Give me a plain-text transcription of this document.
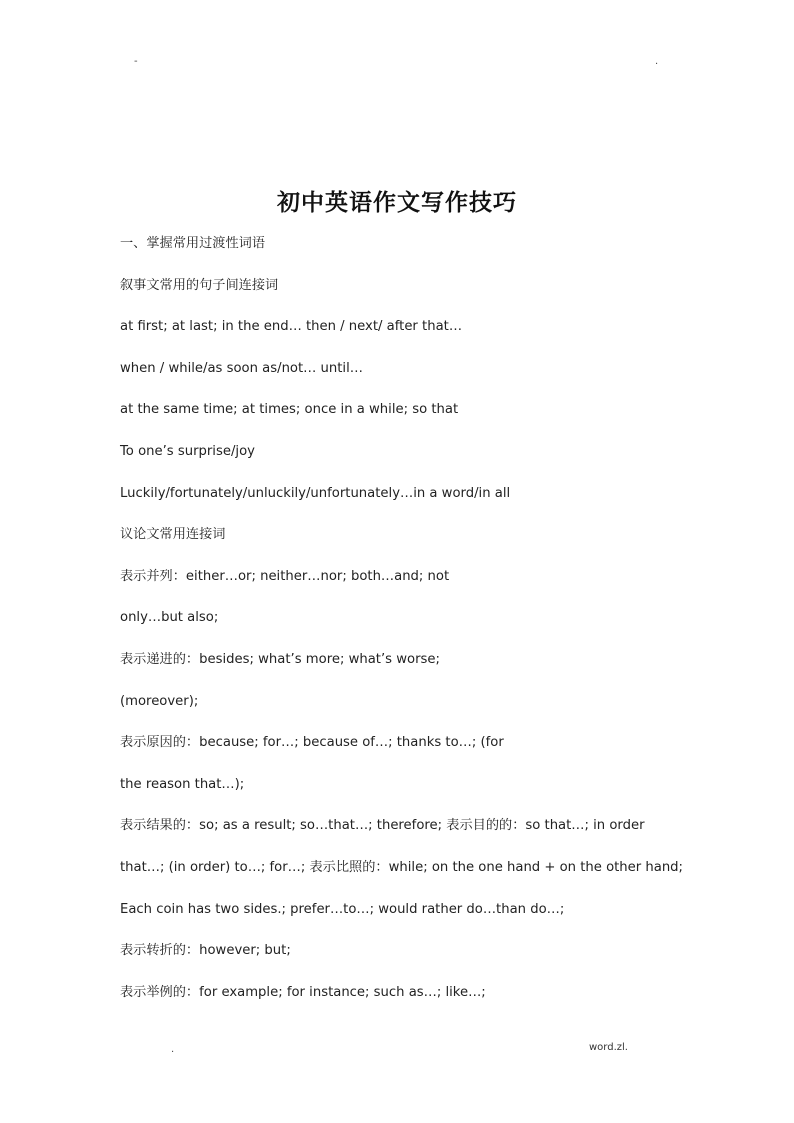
-	.
初中英语作文写作技巧
一、掌握常用过渡性词语
叙事文常用的句子间连接词
at first; at last; in the end… then / next/ after that…
when / while/as soon as/not… until…
at the same time; at times; once in a while; so that
To one’s surprise/joy
Luckily/fortunately/unluckily/unfortunately…in a word/in all
议论文常用连接词
表示并列：either…or; neither…nor; both…and; not
only…but also;
表示递进的：besides; what’s more; what’s worse;
(moreover);
表示原因的：because; for…; because of…; thanks to…; (for
the reason that…);
表示结果的：so; as a result; so…that…; therefore; 表示目的的：so that…; in order
that…; (in order) to…; for…; 表示比照的：while; on the one hand + on the other hand;
Each coin has two sides.; prefer…to…; would rather do…than do…;
表示转折的：however; but;
表示举例的：for example; for instance; such as…; like…;
.	word.zl.
